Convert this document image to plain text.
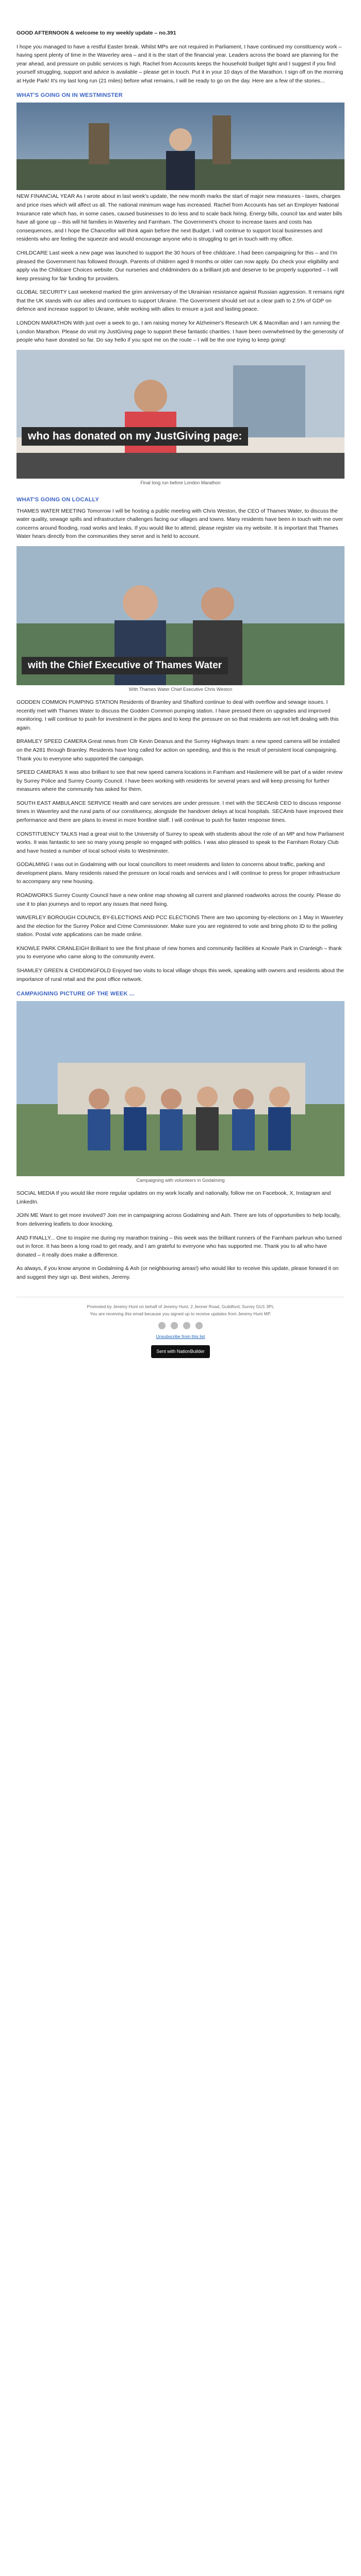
GOOD AFTERNOON & welcome to my weekly update – no.391

I hope you managed to have a restful Easter break. Whilst MPs are not required in Parliament, I have continued my constituency work – having spent plenty of time in the Waverley area – and it is the start of the financial year. Leaders across the board are planning for the year ahead, and pressure on public services is high. Rachel from Accounts keeps the household budget tight and I suggest if you find yourself struggling, support and advice is available – please get in touch. Put it in your 10 days of the Marathon. I sign off on the morning at Hyde Park! It's my last long run (21 miles) before what remains, I will be ready to go on the day. Here are a few of the stories...

WHAT'S GOING ON IN WESTMINSTER

NEW FINANCIAL YEAR As I wrote about in last week's update, the new month marks the start of major new measures - taxes, charges and price rises which will affect us all. The national minimum wage has increased. Rachel from Accounts has set an Employer National Insurance rate which has, in some cases, caused businesses to do less and to scale back hiring. Energy bills, council tax and water bills have all gone up – this will hit families in Waverley and Farnham. The Government's choice to increase taxes and costs has consequences, and I hope the Chancellor will think again before the next Budget. I will continue to support local businesses and residents who are feeling the squeeze and would encourage anyone who is struggling to get in touch with my office.

CHILDCARE Last week a new page was launched to support the 30 hours of free childcare. I had been campaigning for this – and I'm pleased the Government has followed through. Parents of children aged 9 months or older can now apply. Do check your eligibility and apply via the Childcare Choices website. Our nurseries and childminders do a brilliant job and deserve to be properly supported – I will keep pressing for fair funding for providers.

GLOBAL SECURITY Last weekend marked the grim anniversary of the Ukrainian resistance against Russian aggression. It remains right that the UK stands with our allies and continues to support Ukraine. The Government should set out a clear path to 2.5% of GDP on defence and increase support to Ukraine, while working with allies to ensure a just and lasting peace.

LONDON MARATHON With just over a week to go, I am raising money for Alzheimer's Research UK & Macmillan and I am running the London Marathon. Please do visit my JustGiving page to support these fantastic charities. I have been overwhelmed by the generosity of people who have donated so far. Do say hello if you spot me on the route – I will be the one trying to keep going!

who has donated on my JustGiving page:
Final long run before London Marathon
WHAT'S GOING ON LOCALLY

THAMES WATER MEETING Tomorrow I will be hosting a public meeting with Chris Weston, the CEO of Thames Water, to discuss the water quality, sewage spills and infrastructure challenges facing our villages and towns. Many residents have been in touch with me over concerns around flooding, road works and leaks. If you would like to attend, please register via my website. It is important that Thames Water hears directly from the communities they serve and is held to account.

with the Chief Executive of Thames Water
With Thames Water Chief Executive Chris Weston

GODDEN COMMON PUMPING STATION Residents of Bramley and Shalford continue to deal with overflow and sewage issues. I recently met with Thames Water to discuss the Godden Common pumping station. I have pressed them on upgrades and improved monitoring. I will continue to push for investment in the pipes and to keep the pressure on so that residents are not left dealing with this again.

BRAMLEY SPEED CAMERA Great news from Cllr Kevin Deanus and the Surrey Highways team: a new speed camera will be installed on the A281 through Bramley. Residents have long called for action on speeding, and this is the result of persistent local campaigning. Thank you to everyone who supported the campaign.

SPEED CAMERAS It was also brilliant to see that new speed camera locations in Farnham and Haslemere will be part of a wider review by Surrey Police and Surrey County Council. I have been working with residents for several years and will keep pressing for further measures where the community has asked for them.

SOUTH EAST AMBULANCE SERVICE Health and care services are under pressure. I met with the SECAmb CEO to discuss response times in Waverley and the rural parts of our constituency, alongside the handover delays at local hospitals. SECAmb have improved their performance and there are plans to invest in more frontline staff. I will continue to push for faster response times.

CONSTITUENCY TALKS Had a great visit to the University of Surrey to speak with students about the role of an MP and how Parliament works. It was fantastic to see so many young people so engaged with politics. I was also pleased to speak to the Farnham Rotary Club and have hosted a number of local school visits to Westminster.

GODALMING I was out in Godalming with our local councillors to meet residents and listen to concerns about traffic, parking and development plans. Many residents raised the pressure on local roads and services and I will continue to press for proper infrastructure to accompany any new housing.

ROADWORKS Surrey County Council have a new online map showing all current and planned roadworks across the county. Please do use it to plan journeys and to report any issues that need fixing.

WAVERLEY BOROUGH COUNCIL BY-ELECTIONS AND PCC ELECTIONS There are two upcoming by-elections on 1 May in Waverley and the election for the Surrey Police and Crime Commissioner. Make sure you are registered to vote and bring photo ID to the polling station. Postal vote applications can be made online.

KNOWLE PARK CRANLEIGH Brilliant to see the first phase of new homes and community facilities at Knowle Park in Cranleigh – thank you to everyone who came along to the community event.

SHAMLEY GREEN & CHIDDINGFOLD Enjoyed two visits to local village shops this week, speaking with owners and residents about the importance of rural retail and the post office network.

CAMPAIGNING PICTURE OF THE WEEK ...
Campaigning with volunteers in Godalming

SOCIAL MEDIA If you would like more regular updates on my work locally and nationally, follow me on Facebook, X, Instagram and LinkedIn.

JOIN ME Want to get more involved? Join me in campaigning across Godalming and Ash. There are lots of opportunities to help locally, from delivering leaflets to door knocking.

AND FINALLY... One to inspire me during my marathon training – this week was the brilliant runners of the Farnham parkrun who turned out in force. It has been a long road to get ready, and I am grateful to everyone who has supported me. Thank you to all who have donated – it really does make a difference.

As always, if you know anyone in Godalming & Ash (or neighbouring areas!) who would like to receive this update, please forward it on and suggest they sign up. Best wishes, Jeremy.

Promoted by Jeremy Hunt on behalf of Jeremy Hunt, 2 Jenner Road, Guildford, Surrey GU1 3PL
You are receiving this email because you signed up to receive updates from Jeremy Hunt MP.
Unsubscribe from this list
Sent with NationBuilder
